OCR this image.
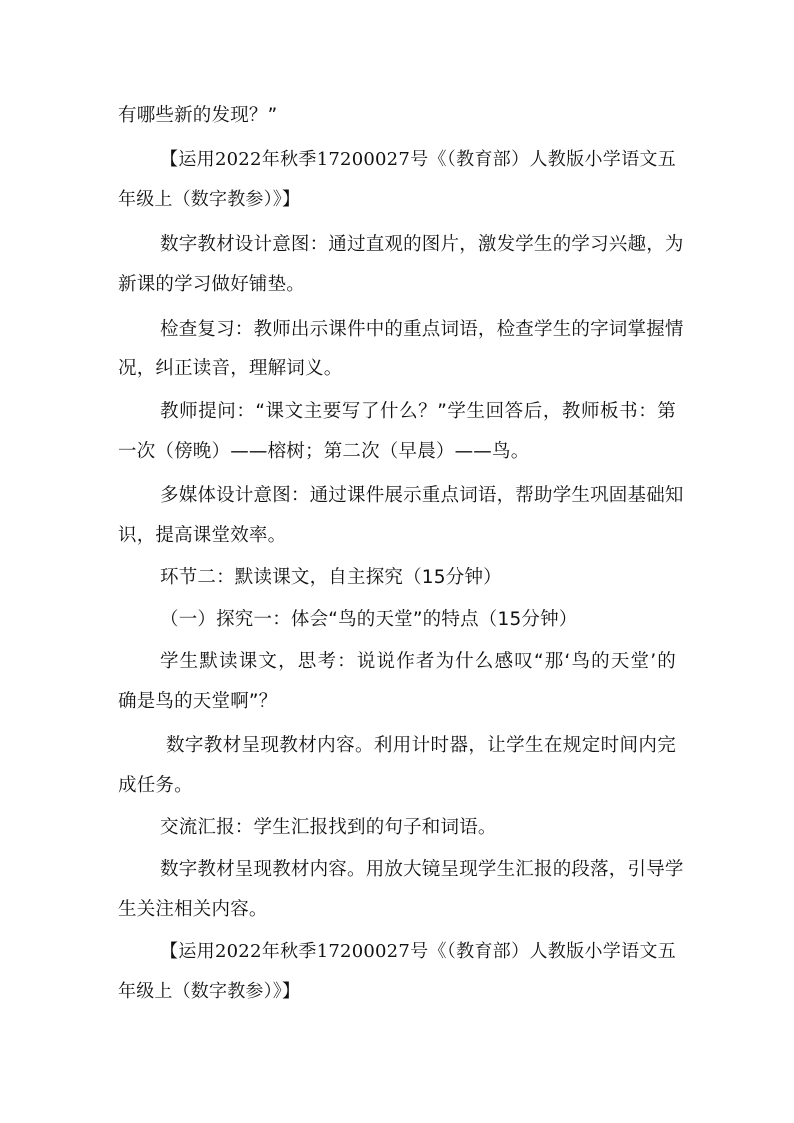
有哪些新的发现？”
【运用2022年秋季17200027号《（教育部）人教版小学语文五
年级上（数字教参）》】
数字教材设计意图：通过直观的图片，激发学生的学习兴趣，为
新课的学习做好铺垫。
检查复习：教师出示课件中的重点词语，检查学生的字词掌握情
况，纠正读音，理解词义。
教师提问：“课文主要写了什么？”学生回答后，教师板书：第
一次（傍晚）——榕树；第二次（早晨）——鸟。
多媒体设计意图：通过课件展示重点词语，帮助学生巩固基础知
识，提高课堂效率。
环节二：默读课文，自主探究（15分钟）
（一）探究一：体会“鸟的天堂”的特点（15分钟）
学生默读课文，思考：说说作者为什么感叹“那‘鸟的天堂’的
确是鸟的天堂啊”？
数字教材呈现教材内容。利用计时器，让学生在规定时间内完
成任务。
交流汇报：学生汇报找到的句子和词语。
数字教材呈现教材内容。用放大镜呈现学生汇报的段落，引导学
生关注相关内容。
【运用2022年秋季17200027号《（教育部）人教版小学语文五
年级上（数字教参）》】
